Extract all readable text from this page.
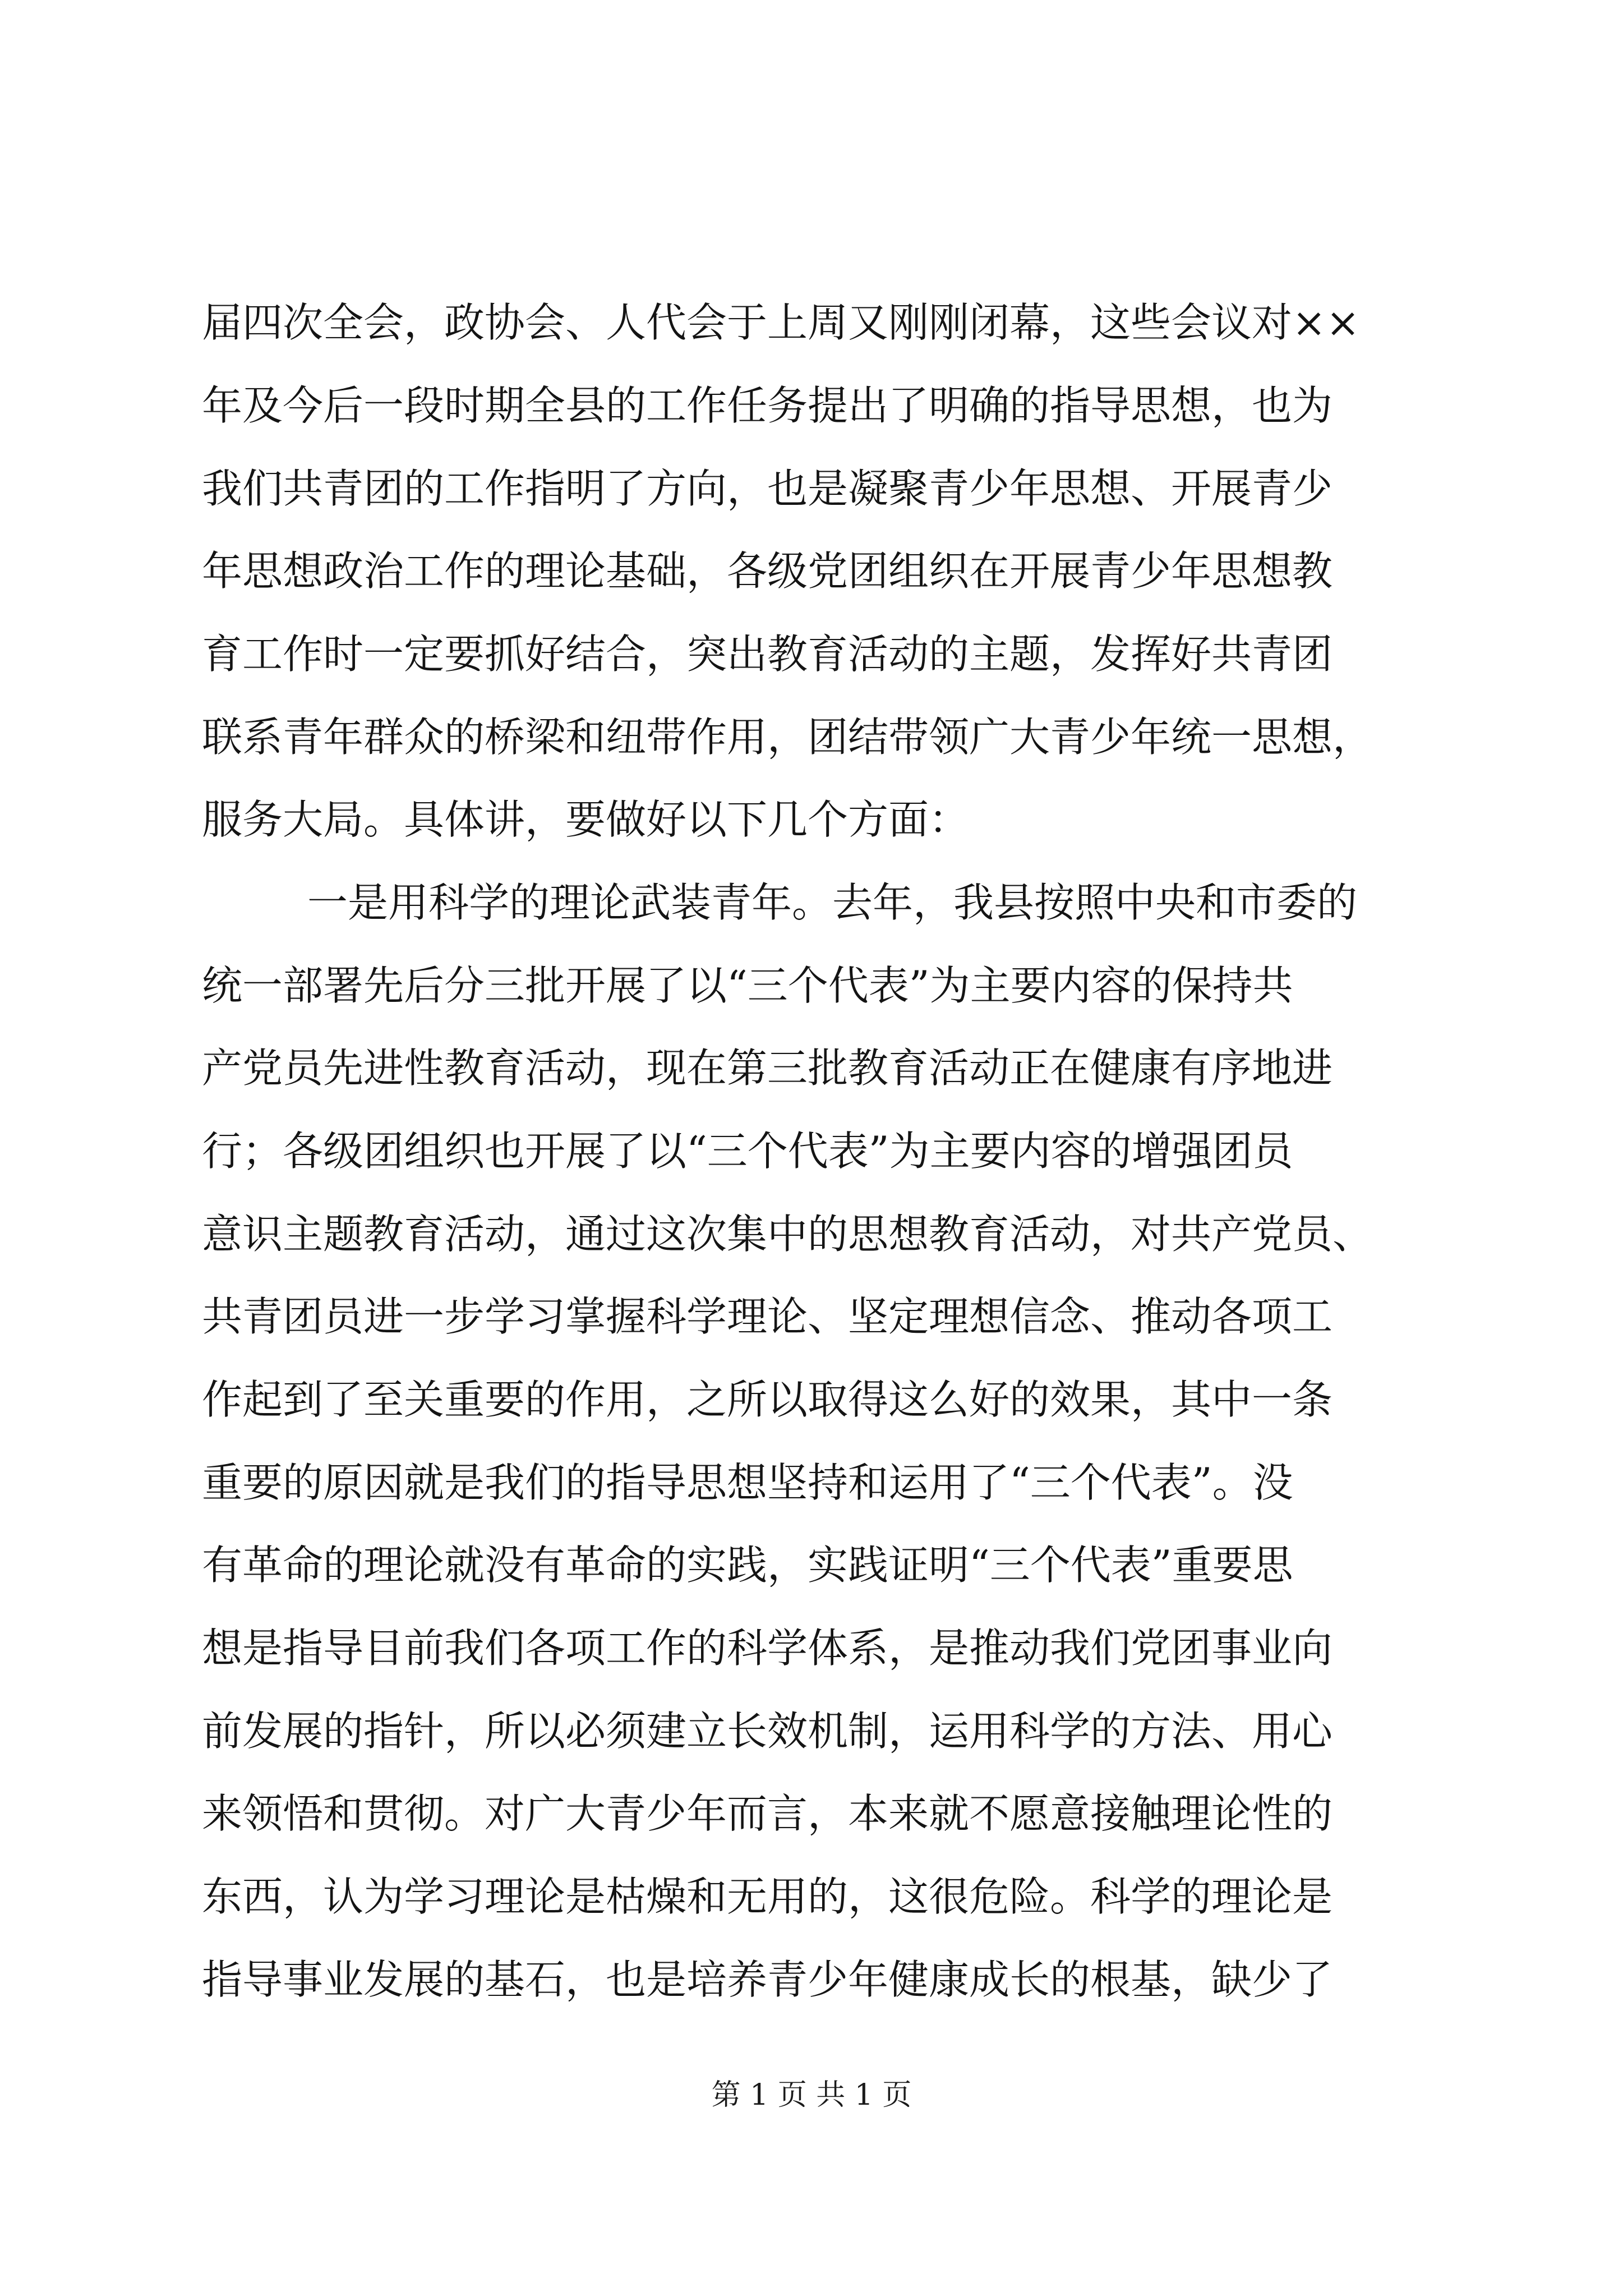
届四次全会，政协会、人代会于上周又刚刚闭幕，这些会议对××
年及今后一段时期全县的工作任务提出了明确的指导思想，也为
我们共青团的工作指明了方向，也是凝聚青少年思想、开展青少
年思想政治工作的理论基础，各级党团组织在开展青少年思想教
育工作时一定要抓好结合，突出教育活动的主题，发挥好共青团
联系青年群众的桥梁和纽带作用，团结带领广大青少年统一思想，
服务大局。具体讲，要做好以下几个方面：
一是用科学的理论武装青年。去年，我县按照中央和市委的
统一部署先后分三批开展了以“三个代表”为主要内容的保持共
产党员先进性教育活动，现在第三批教育活动正在健康有序地进
行；各级团组织也开展了以“三个代表”为主要内容的增强团员
意识主题教育活动，通过这次集中的思想教育活动，对共产党员、
共青团员进一步学习掌握科学理论、坚定理想信念、推动各项工
作起到了至关重要的作用，之所以取得这么好的效果，其中一条
重要的原因就是我们的指导思想坚持和运用了“三个代表”。没
有革命的理论就没有革命的实践，实践证明“三个代表”重要思
想是指导目前我们各项工作的科学体系，是推动我们党团事业向
前发展的指针，所以必须建立长效机制，运用科学的方法、用心
来领悟和贯彻。对广大青少年而言，本来就不愿意接触理论性的
东西，认为学习理论是枯燥和无用的，这很危险。科学的理论是
指导事业发展的基石，也是培养青少年健康成长的根基，缺少了
第 1 页 共 1 页
